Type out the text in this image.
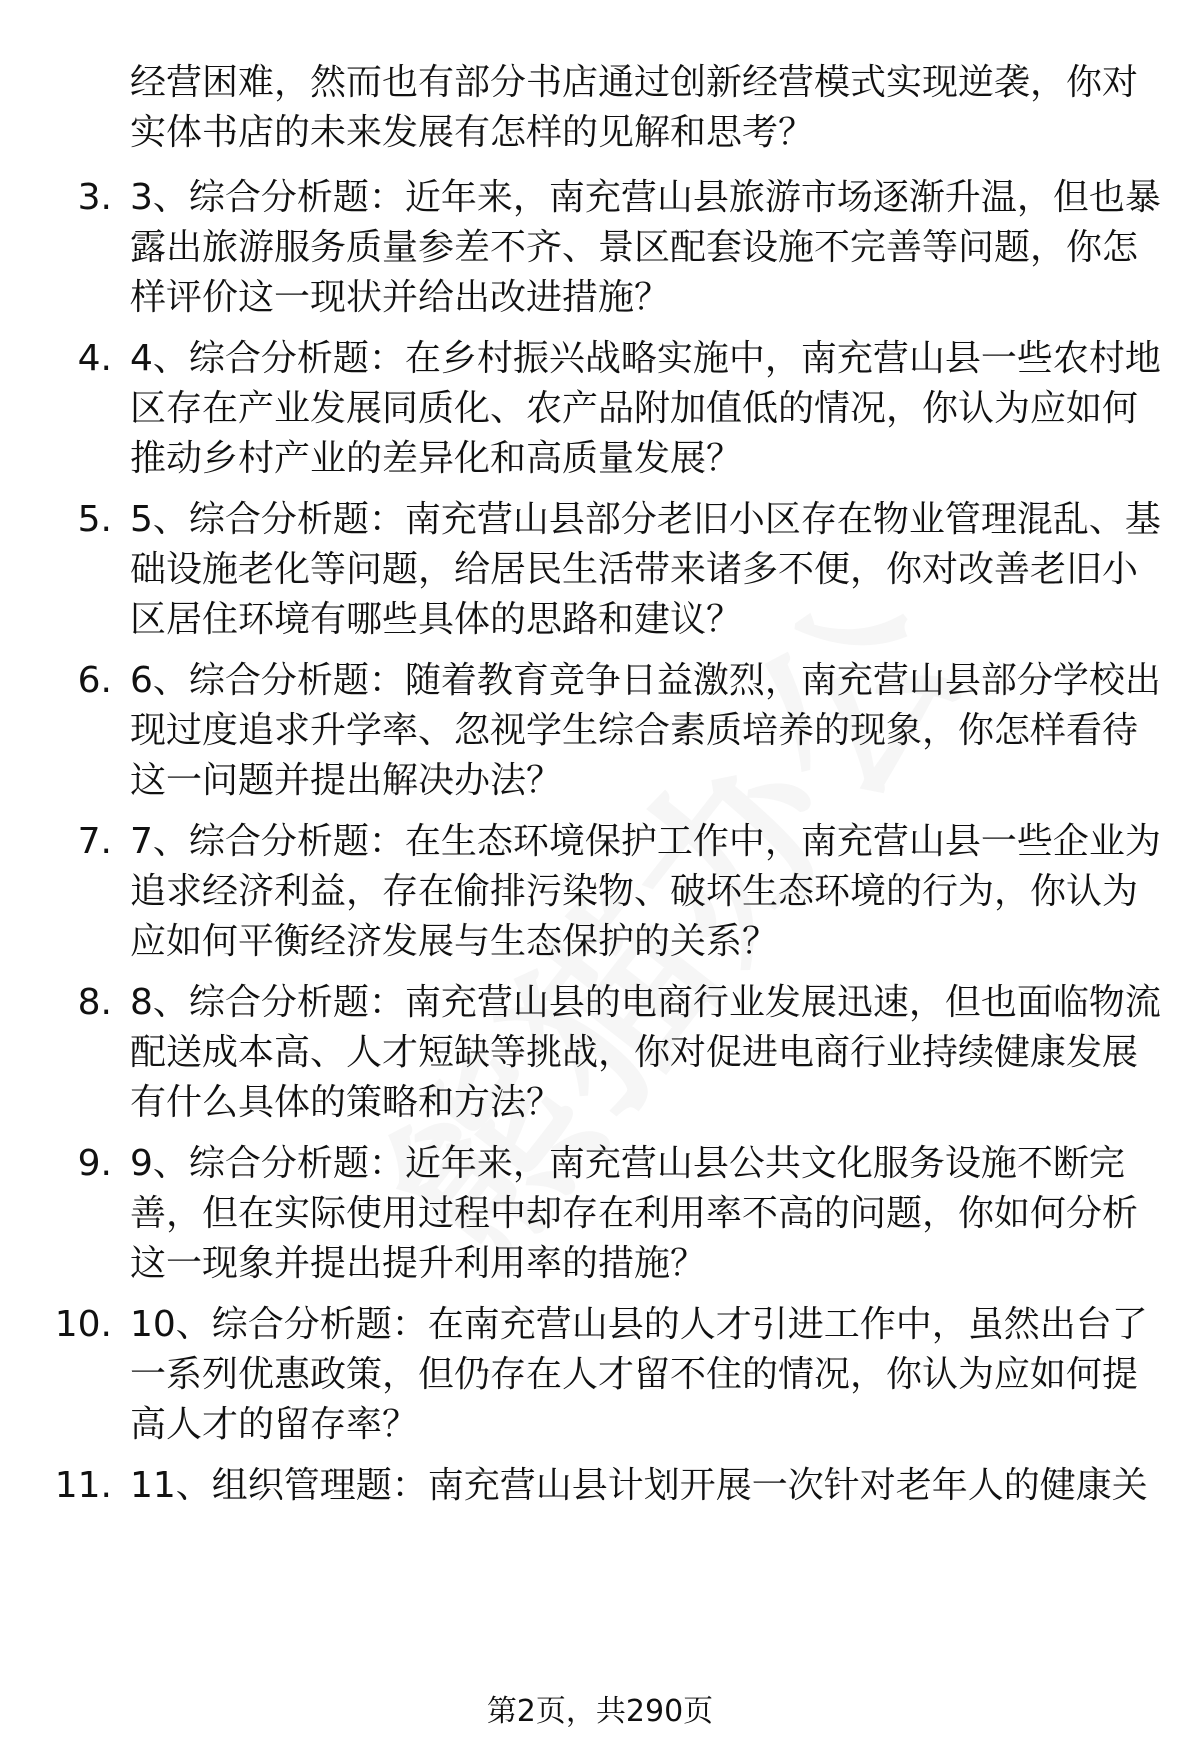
经营困难，然而也有部分书店通过创新经营模式实现逆袭，你对
实体书店的未来发展有怎样的见解和思考？
3. 3、综合分析题：近年来，南充营山县旅游市场逐渐升温，但也暴
露出旅游服务质量参差不齐、景区配套设施不完善等问题，你怎
样评价这一现状并给出改进措施？
4. 4、综合分析题：在乡村振兴战略实施中，南充营山县一些农村地
区存在产业发展同质化、农产品附加值低的情况，你认为应如何
推动乡村产业的差异化和高质量发展？
5. 5、综合分析题：南充营山县部分老旧小区存在物业管理混乱、基
础设施老化等问题，给居民生活带来诸多不便，你对改善老旧小
区居住环境有哪些具体的思路和建议？
6. 6、综合分析题：随着教育竞争日益激烈，南充营山县部分学校出
现过度追求升学率、忽视学生综合素质培养的现象，你怎样看待
这一问题并提出解决办法？
7. 7、综合分析题：在生态环境保护工作中，南充营山县一些企业为
追求经济利益，存在偷排污染物、破坏生态环境的行为，你认为
应如何平衡经济发展与生态保护的关系？
8. 8、综合分析题：南充营山县的电商行业发展迅速，但也面临物流
配送成本高、人才短缺等挑战，你对促进电商行业持续健康发展
有什么具体的策略和方法？
9. 9、综合分析题：近年来，南充营山县公共文化服务设施不断完
善，但在实际使用过程中却存在利用率不高的问题，你如何分析
这一现象并提出提升利用率的措施？
10. 10、综合分析题：在南充营山县的人才引进工作中，虽然出台了
一系列优惠政策，但仍存在人才留不住的情况，你认为应如何提
高人才的留存率？
11. 11、组织管理题：南充营山县计划开展一次针对老年人的健康关
第2页，共290页
